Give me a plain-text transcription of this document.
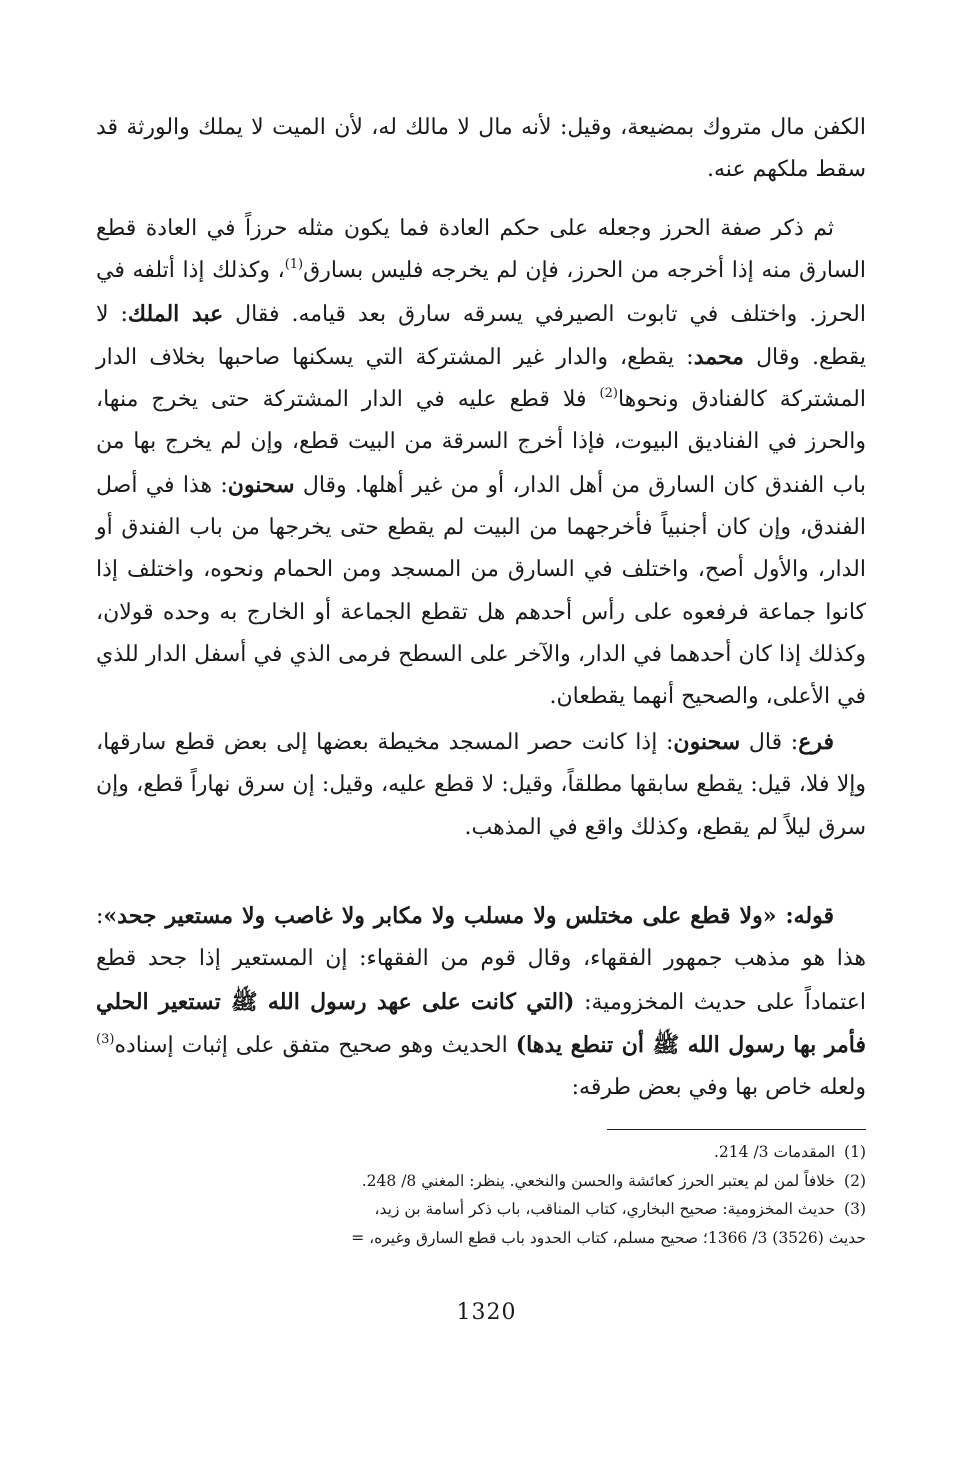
الكفن مال متروك بمضيعة، وقيل: لأنه مال لا مالك له، لأن الميت لا يملك والورثة قد سقط ملكهم عنه.

ثم ذكر صفة الحرز وجعله على حكم العادة فما يكون مثله حرزاً في العادة قطع السارق منه إذا أخرجه من الحرز، فإن لم يخرجه فليس بسارق$^{(1)}$، وكذلك إذا أتلفه في الحرز. واختلف في تابوت الصيرفي يسرقه سارق بعد قيامه. فقال عبد الملك: لا يقطع. وقال محمد: يقطع، والدار غير المشتركة التي يسكنها صاحبها بخلاف الدار المشتركة كالفنادق ونحوها$^{(2)}$ فلا قطع عليه في الدار المشتركة حتى يخرج منها، والحرز في الفناديق البيوت، فإذا أخرج السرقة من البيت قطع، وإن لم يخرج بها من باب الفندق كان السارق من أهل الدار، أو من غير أهلها. وقال سحنون: هذا في أصل الفندق، وإن كان أجنبياً فأخرجهما من البيت لم يقطع حتى يخرجها من باب الفندق أو الدار، والأول أصح، واختلف في السارق من المسجد ومن الحمام ونحوه، واختلف إذا كانوا جماعة فرفعوه على رأس أحدهم هل تقطع الجماعة أو الخارج به وحده قولان، وكذلك إذا كان أحدهما في الدار، والآخر على السطح فرمى الذي في أسفل الدار للذي في الأعلى، والصحيح أنهما يقطعان.

فرع: قال سحنون: إذا كانت حصر المسجد مخيطة بعضها إلى بعض قطع سارقها، وإلا فلا، قيل: يقطع سابقها مطلقاً، وقيل: لا قطع عليه، وقيل: إن سرق نهاراً قطع، وإن سرق ليلاً لم يقطع، وكذلك واقع في المذهب.

قوله: «ولا قطع على مختلس ولا مسلب ولا مكابر ولا غاصب ولا مستعير جحد»: هذا هو مذهب جمهور الفقهاء، وقال قوم من الفقهاء: إن المستعير إذا جحد قطع اعتماداً على حديث المخزومية: (التي كانت على عهد رسول الله ﷺ تستعير الحلي فأمر بها رسول الله ﷺ أن تنطع يدها) الحديث وهو صحيح متفق على إثبات إسناده$^{(3)}$ ولعله خاص بها وفي بعض طرقه:

(1) المقدمات 3/ 214.

(2) خلافاً لمن لم يعتبر الحرز كعائشة والحسن والنخعي. ينظر: المغني 8/ 248.

(3) حديث المخزومية: صحيح البخاري، كتاب المناقب، باب ذكر أسامة بن زيد،

حديث (3526) 3/ 1366؛ صحيح مسلم، كتاب الحدود باب قطع السارق وغيره، =

1320
